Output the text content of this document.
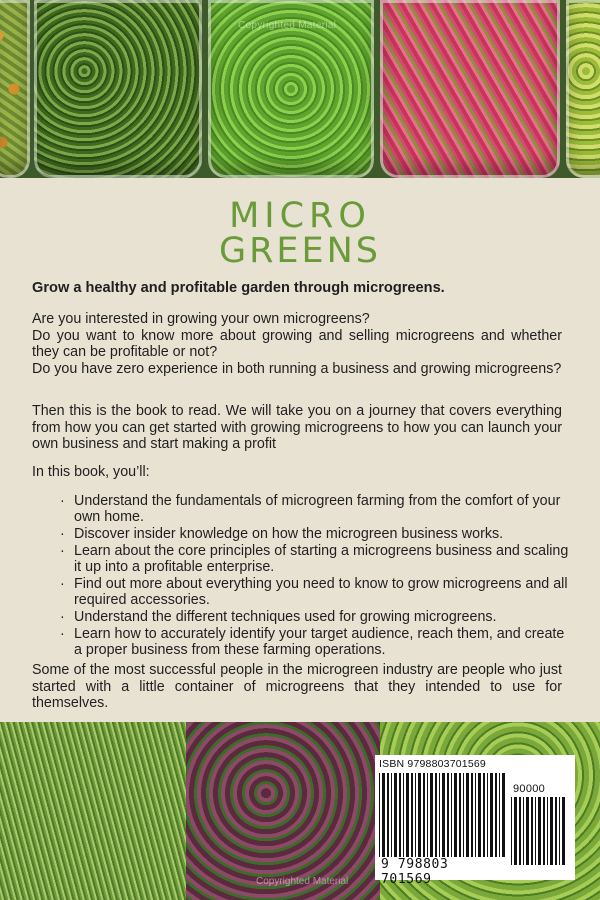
Copyrighted Material
MICRO
GREENS
Grow a healthy and profitable garden through microgreens.

Are you interested in growing your own microgreens?

Do you want to know more about growing and selling microgreens and whether they can be profitable or not?

Do you have zero experience in both running a business and growing microgreens?

Then this is the book to read. We will take you on a journey that covers everything from how you can get started with growing microgreens to how you can launch your own business and start making a profit
In this book, you’ll:
· Understand the fundamentals of microgreen farming from the comfort of your own home.
· Discover insider knowledge on how the microgreen business works.
· Learn about the core principles of starting a microgreens business and scaling it up into a profitable enterprise.
· Find out more about everything you need to know to grow microgreens and all required accessories.
· Understand the different techniques used for growing microgreens.
· Learn how to accurately identify your target audience, reach them, and create a proper business from these farming operations.
Some of the most successful people in the microgreen industry are people who just started with a little container of microgreens that they intended to use for themselves.
Copyrighted Material
ISBN 9798803701569
90000
9 798803 701569
